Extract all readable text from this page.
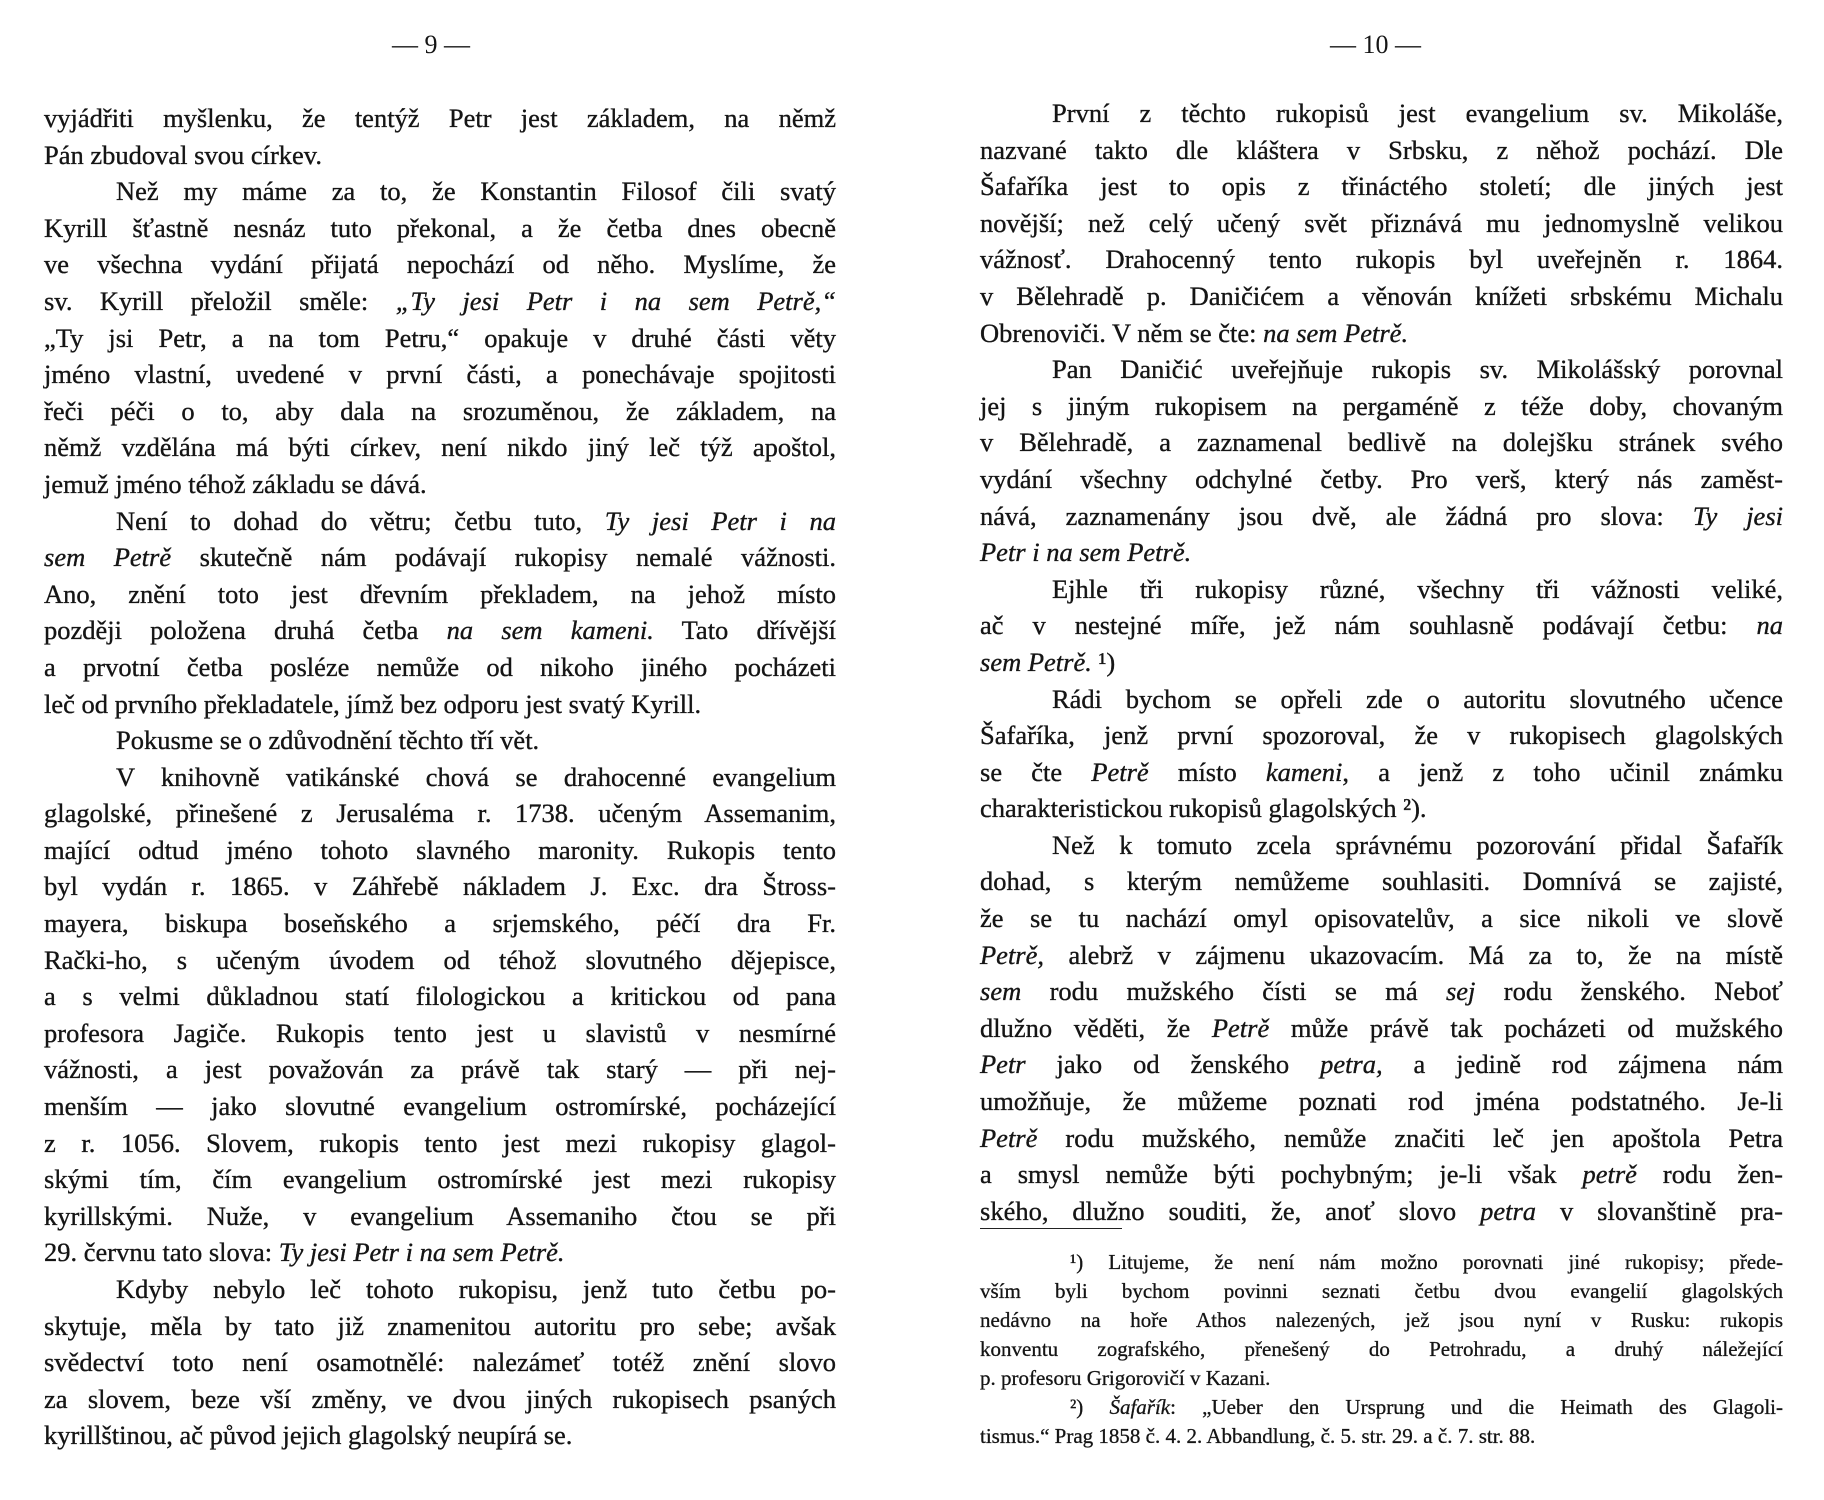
— 9 —	— 10 —
vyjádřiti myšlenku, že tentýž Petr jest základem, na němž
Pán zbudoval svou církev.
Než my máme za to, že Konstantin Filosof čili svatý
Kyrill šťastně nesnáz tuto překonal, a že četba dnes obecně
ve všechna vydání přijatá nepochází od něho. Myslíme, že
sv. Kyrill přeložil směle: „Ty jesi Petr i na sem Petrě,“
„Ty jsi Petr, a na tom Petru,“ opakuje v druhé části věty
jméno vlastní, uvedené v první části, a ponechávaje spojitosti
řeči péči o to, aby dala na srozuměnou, že základem, na
němž vzdělána má býti církev, není nikdo jiný leč týž apoštol,
jemuž jméno téhož základu se dává.
Není to dohad do větru; četbu tuto, Ty jesi Petr i na
sem Petrě skutečně nám podávají rukopisy nemalé vážnosti.
Ano, znění toto jest dřevním překladem, na jehož místo
později položena druhá četba na sem kameni. Tato dřívější
a prvotní četba posléze nemůže od nikoho jiného pocházeti
leč od prvního překladatele, jímž bez odporu jest svatý Kyrill.
Pokusme se o zdůvodnění těchto tří vět.
V knihovně vatikánské chová se drahocenné evangelium
glagolské, přinešené z Jerusaléma r. 1738. učeným Assemanim,
mající odtud jméno tohoto slavného maronity. Rukopis tento
byl vydán r. 1865. v Záhřebě nákladem J. Exc. dra Štross-
mayera, biskupa boseňského a srjemského, péčí dra Fr.
Rački-ho, s učeným úvodem od téhož slovutného dějepisce,
a s velmi důkladnou statí filologickou a kritickou od pana
profesora Jagiče. Rukopis tento jest u slavistů v nesmírné
vážnosti, a jest považován za právě tak starý — při nej-
menším — jako slovutné evangelium ostromírské, pocházející
z r. 1056. Slovem, rukopis tento jest mezi rukopisy glagol-
skými tím, čím evangelium ostromírské jest mezi rukopisy
kyrillskými. Nuže, v evangelium Assemaniho čtou se při
29. červnu tato slova: Ty jesi Petr i na sem Petrě.
Kdyby nebylo leč tohoto rukopisu, jenž tuto četbu po-
skytuje, měla by tato již znamenitou autoritu pro sebe; avšak
svědectví toto není osamotnělé: nalezámeť totéž znění slovo
za slovem, beze vší změny, ve dvou jiných rukopisech psaných
kyrillštinou, ač původ jejich glagolský neupírá se.
První z těchto rukopisů jest evangelium sv. Mikoláše,
nazvané takto dle kláštera v Srbsku, z něhož pochází. Dle
Šafaříka jest to opis z třináctého století; dle jiných jest
novější; než celý učený svět přiznává mu jednomyslně velikou
vážnosť. Drahocenný tento rukopis byl uveřejněn r. 1864.
v Bělehradě p. Daničićem a věnován knížeti srbskému Michalu
Obrenoviči. V něm se čte: na sem Petrě.
Pan Daničić uveřejňuje rukopis sv. Mikolášský porovnal
jej s jiným rukopisem na pergaméně z téže doby, chovaným
v Bělehradě, a zaznamenal bedlivě na dolejšku stránek svého
vydání všechny odchylné četby. Pro verš, který nás zaměst-
nává, zaznamenány jsou dvě, ale žádná pro slova: Ty jesi
Petr i na sem Petrě.
Ejhle tři rukopisy různé, všechny tři vážnosti veliké,
ač v nestejné míře, jež nám souhlasně podávají četbu: na
sem Petrě. ¹)
Rádi bychom se opřeli zde o autoritu slovutného učence
Šafaříka, jenž první spozoroval, že v rukopisech glagolských
se čte Petrě místo kameni, a jenž z toho učinil známku
charakteristickou rukopisů glagolských ²).
Než k tomuto zcela správnému pozorování přidal Šafařík
dohad, s kterým nemůžeme souhlasiti. Domnívá se zajisté,
že se tu nachází omyl opisovatelův, a sice nikoli ve slově
Petrě, alebrž v zájmenu ukazovacím. Má za to, že na místě
sem rodu mužského čísti se má sej rodu ženského. Neboť
dlužno věděti, že Petrě může právě tak pocházeti od mužského
Petr jako od ženského petra, a jedině rod zájmena nám
umožňuje, že můžeme poznati rod jména podstatného. Je-li
Petrě rodu mužského, nemůže značiti leč jen apoštola Petra
a smysl nemůže býti pochybným; je-li však petrě rodu žen-
ského, dlužno souditi, že, anoť slovo petra v slovanštině pra-
¹) Litujeme, že není nám možno porovnati jiné rukopisy; přede-
vším byli bychom povinni seznati četbu dvou evangelií glagolských
nedávno na hoře Athos nalezených, jež jsou nyní v Rusku: rukopis
konventu zografského, přenešený do Petrohradu, a druhý náležející
p. profesoru Grigorovičí v Kazani.
²) Šafařík: „Ueber den Ursprung und die Heimath des Glagoli-
tismus.“ Prag 1858 č. 4. 2. Abbandlung, č. 5. str. 29. a č. 7. str. 88.
